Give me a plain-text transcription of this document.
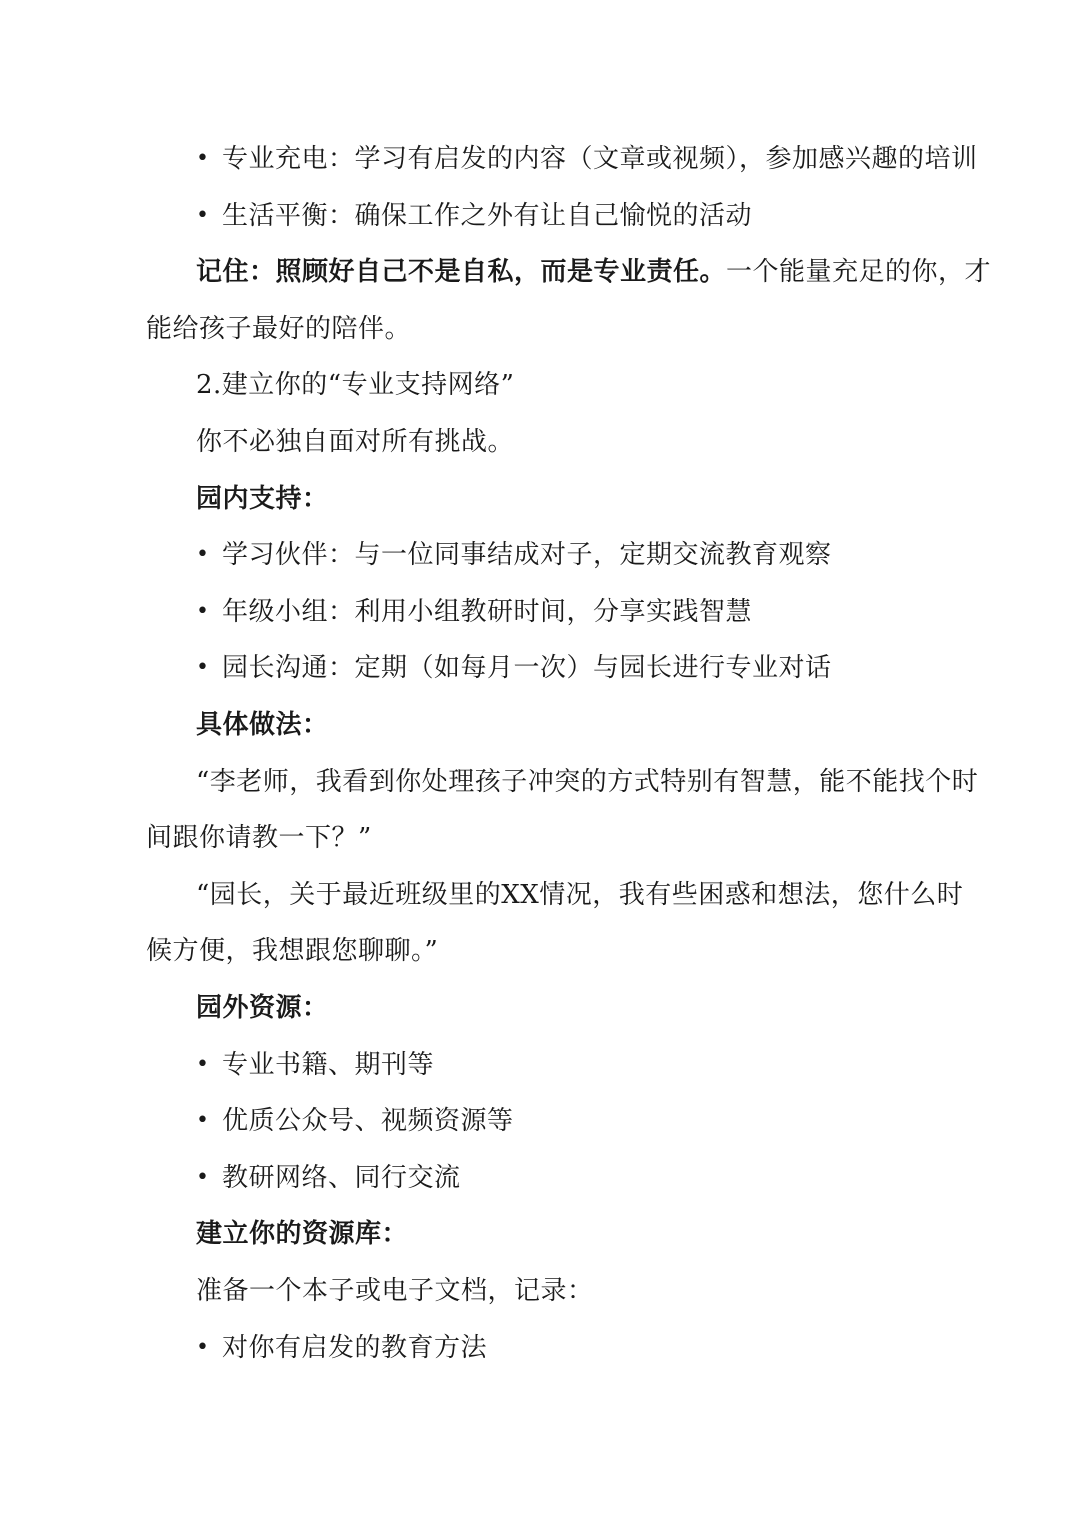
• 专业充电：学习有启发的内容（文章或视频），参加感兴趣的培训
• 生活平衡：确保工作之外有让自己愉悦的活动
记住：照顾好自己不是自私，而是专业责任。一个能量充足的你，才
能给孩子最好的陪伴。
2.建立你的“专业支持网络”
你不必独自面对所有挑战。
园内支持：
• 学习伙伴：与一位同事结成对子，定期交流教育观察
• 年级小组：利用小组教研时间，分享实践智慧
• 园长沟通：定期（如每月一次）与园长进行专业对话
具体做法：
“李老师，我看到你处理孩子冲突的方式特别有智慧，能不能找个时
间跟你请教一下？”
“园长，关于最近班级里的XX情况，我有些困惑和想法，您什么时
候方便，我想跟您聊聊。”
园外资源：
• 专业书籍、期刊等
• 优质公众号、视频资源等
• 教研网络、同行交流
建立你的资源库：
准备一个本子或电子文档，记录：
• 对你有启发的教育方法
